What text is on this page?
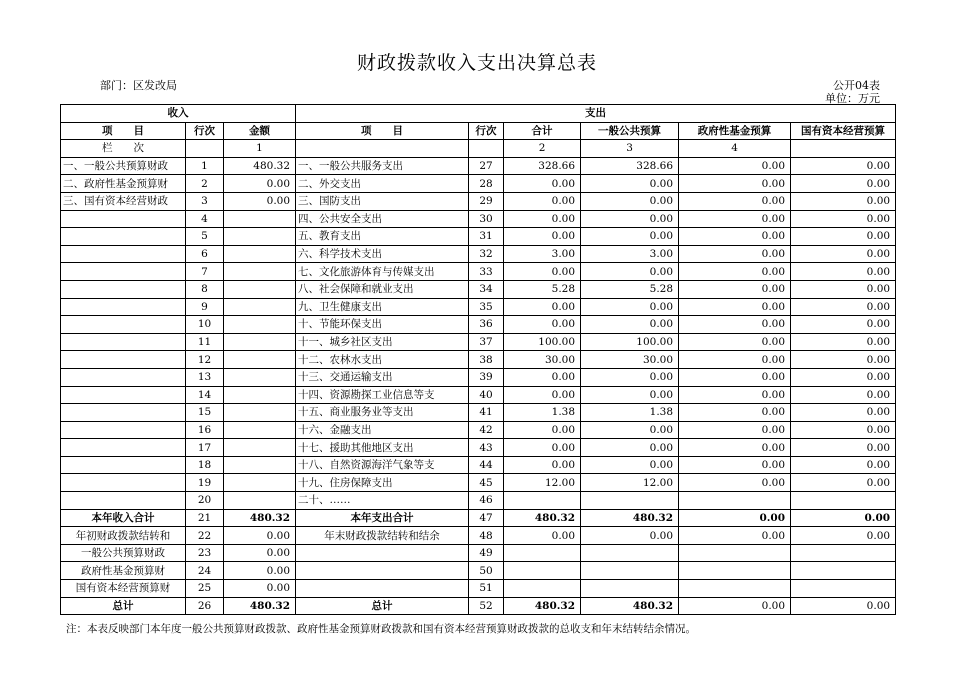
财政拨款收入支出决算总表
部门：区发改局	公开04表
单位：万元
收入			支出					
项　　目	行次	金额	项　　目	行次	合计	一般公共预算	政府性基金预算	国有资本经营预算
栏　　次		1			2	3	4	
一、一般公共预算财政	1	480.32	一、一般公共服务支出	27	328.66	328.66	0.00	0.00
二、政府性基金预算财	2	0.00	二、外交支出	28	0.00	0.00	0.00	0.00
三、国有资本经营财政	3	0.00	三、国防支出	29	0.00	0.00	0.00	0.00
	4		四、公共安全支出	30	0.00	0.00	0.00	0.00
	5		五、教育支出	31	0.00	0.00	0.00	0.00
	6		六、科学技术支出	32	3.00	3.00	0.00	0.00
	7		七、文化旅游体育与传媒支出	33	0.00	0.00	0.00	0.00
	8		八、社会保障和就业支出	34	5.28	5.28	0.00	0.00
	9		九、卫生健康支出	35	0.00	0.00	0.00	0.00
	10		十、节能环保支出	36	0.00	0.00	0.00	0.00
	11		十一、城乡社区支出	37	100.00	100.00	0.00	0.00
	12		十二、农林水支出	38	30.00	30.00	0.00	0.00
	13		十三、交通运输支出	39	0.00	0.00	0.00	0.00
	14		十四、资源勘探工业信息等支	40	0.00	0.00	0.00	0.00
	15		十五、商业服务业等支出	41	1.38	1.38	0.00	0.00
	16		十六、金融支出	42	0.00	0.00	0.00	0.00
	17		十七、援助其他地区支出	43	0.00	0.00	0.00	0.00
	18		十八、自然资源海洋气象等支	44	0.00	0.00	0.00	0.00
	19		十九、住房保障支出	45	12.00	12.00	0.00	0.00
	20		二十、……	46				
本年收入合计	21	480.32	本年支出合计	47	480.32	480.32	0.00	0.00
年初财政拨款结转和	22	0.00	年末财政拨款结转和结余	48	0.00	0.00	0.00	0.00
一般公共预算财政	23	0.00		49				
政府性基金预算财	24	0.00		50				
国有资本经营预算财	25	0.00		51				
总计	26	480.32	总计	52	480.32	480.32	0.00	0.00
注：本表反映部门本年度一般公共预算财政拨款、政府性基金预算财政拨款和国有资本经营预算财政拨款的总收支和年末结转结余情况。
